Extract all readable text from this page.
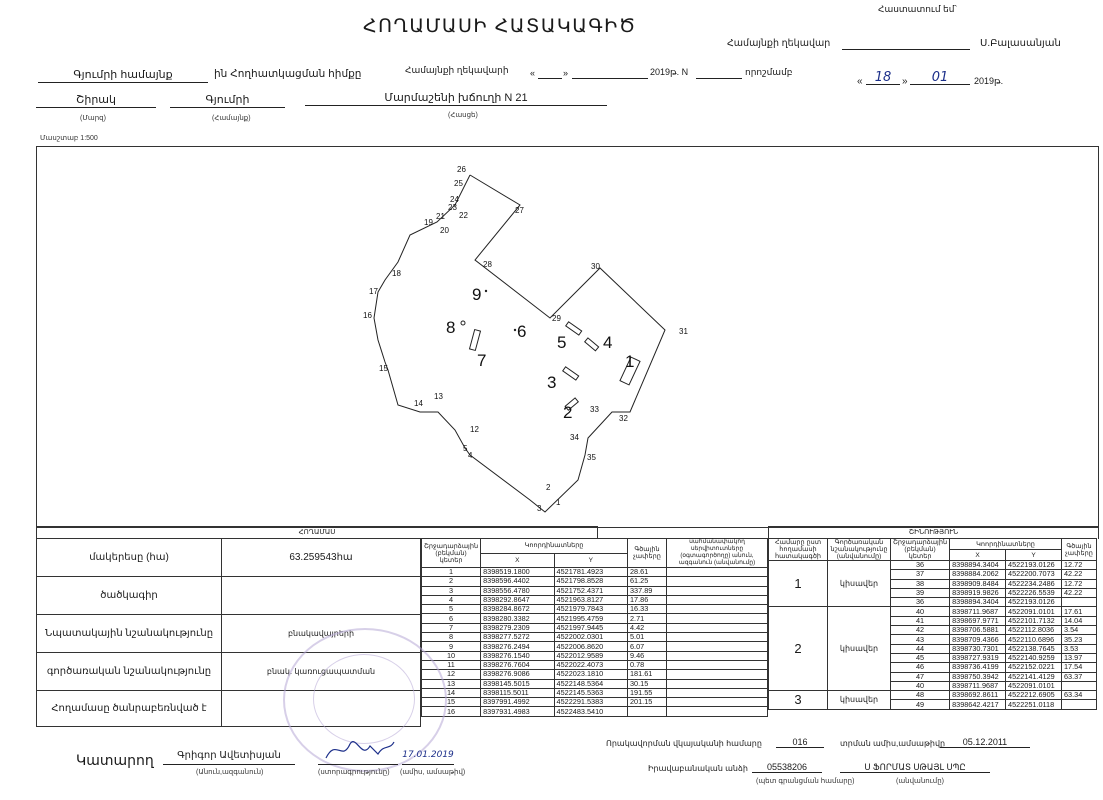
Հաստատում եմ`
Համայնքի ղեկավար	Ս.Բալասանյան
« 18	»	01	2019թ.
ՀՈՂԱՄԱՍԻ ՀԱՏԱԿԱԳԻԾ
Գյումրի համայնք	ին Հողհատկացման հիմքը	Համայնքի ղեկավարի «	»	2019թ. N	որոշմամբ
Շիրակ	Գյումրի	Մարմաշենի խճուղի N 21
(Մարզ)	(Համայնք)	(Հասցե)
Մասշտաբ 1:500
1
2
3
4
5
12
13
14
15
16
17
18
19
20
21 22
23
24
25
26
27
28
29
30
31
32
33
34
35
1
2
3
4
5
6
7
8
9
ՀՈՂԱՄԱՍ
մակերեսը (հա)	63.259543հա
ծածկագիր	
Նպատակային նշանակությունը	բնակավայրերի
գործառական նշանակությունը	բնակ. կառուցապատման
Հողամասը ծանրաբեռնված է	
Շրջադարձային (բեկման) կետեր	Կոորդինատները		Գծային չափերը	սահմանափակող սերվիտուտները (օգտագործողը) անուն, ազգանուն (անվանումը)
	X	Y		
1	8398519.1800	4521781.4923	28.61	
2	8398596.4402	4521798.8528	61.25	
3	8398556.4780	4521752.4371	337.89	
4	8398292.8647	4521963.8127	17.86	
5	8398284.8672	4521979.7843	16.33	
6	8398280.3382	4521995.4759	2.71	
7	8398279.2309	4521997.9445	4.42	
8	8398277.5272	4522002.0301	5.01	
9	8398276.2494	4522006.8620	6.07	
10	8398276.1540	4522012.9589	9.46	
11	8398276.7604	4522022.4073	0.78	
12	8398276.9086	4522023.1810	181.61	
13	8398145.5015	4522148.5364	30.15	
14	8398115.5011	4522145.5363	191.55	
15	8397991.4992	4522291.5383	201.15	
16	8397931.4983	4522483.5410		
ՇԻՆՈՒԹՅՈՒՆ
Համարը ըստ հողամասի հատակագծի	Գործառական նշանակությունը (անվանումը)	Շրջադարձային (բեկման) կետեր	Կոորդինատները		Գծային չափերը
			X	Y	
1	կիսավեր	36	8398894.3404	4522193.0126	12.72
		37	8398884.2062	4522200.7073	42.22
		38	8398909.8484	4522234.2486	12.72
		39	8398919.9826	4522226.5539	42.22
		36	8398894.3404	4522193.0126	
2	կիսավեր	40	8398711.9687	4522091.0101	17.61
		41	8398697.9771	4522101.7132	14.04
		42	8398706.5881	4522112.8036	3.54
		43	8398709.4366	4522110.6896	35.23
		44	8398730.7301	4522138.7645	3.53
		45	8398727.9319	4522140.9259	13.97
		46	8398736.4199	4522152.0221	17.54
		47	8398750.3942	4522141.4129	63.37
		40	8398711.9687	4522091.0101	
3	կիսավեր	48	8398692.8611	4522212.6905	63.34
		49	8398642.4217	4522251.0118	
Կատարող	Գրիգոր Ավետիսյան
(Անուն,ազգանուն)	(ստորագրությունը)
17.01.2019
(ամիս, ամսաթիվ)
Որակավորման վկայականի համարը	016	տրման ամիս,ամսաթիվը	05.12.2011
Իրավաբանական անձի	05538206
(պետ գրանցման համարը)
Ս ՖՈՐՄԱՏ ՍԹԱՅԼ ՍՊԸ
(անվանումը)
